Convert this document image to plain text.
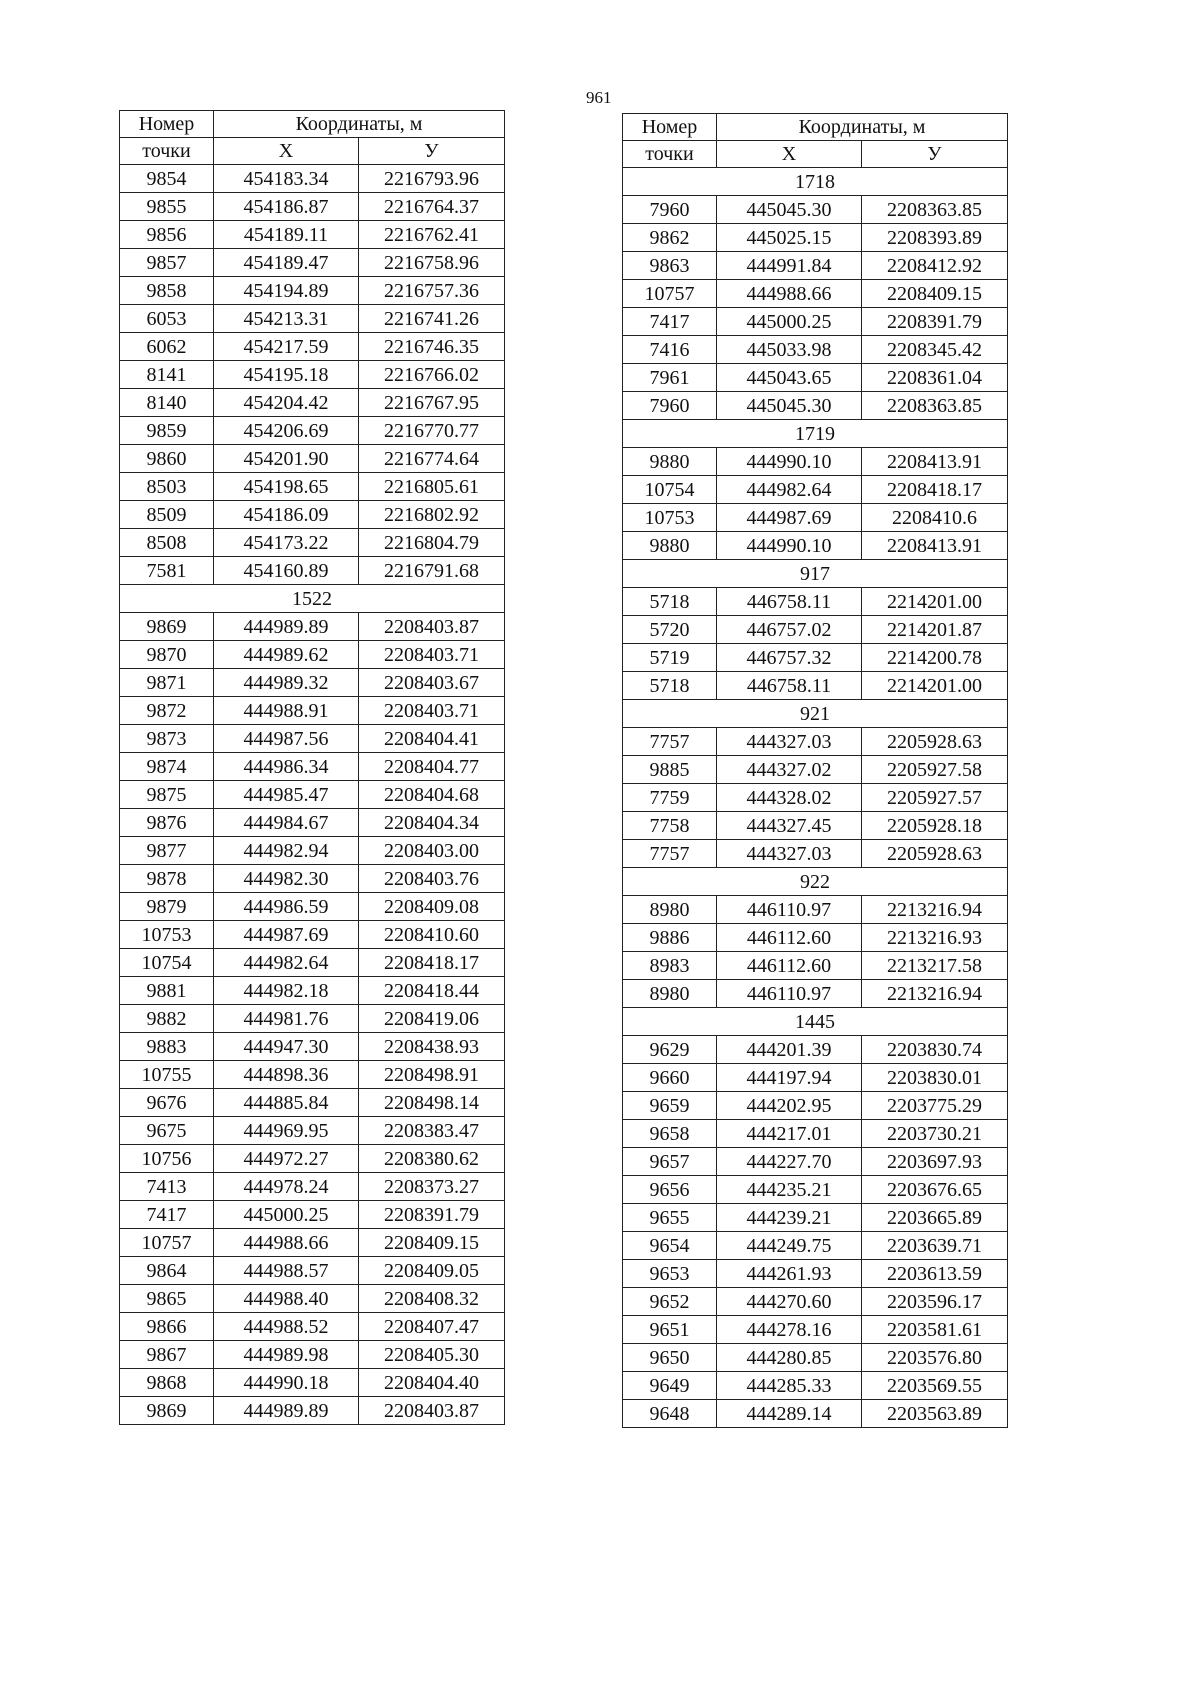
961
Номер	Координаты, м	
точки	Х	У
9854	454183.34	2216793.96
9855	454186.87	2216764.37
9856	454189.11	2216762.41
9857	454189.47	2216758.96
9858	454194.89	2216757.36
6053	454213.31	2216741.26
6062	454217.59	2216746.35
8141	454195.18	2216766.02
8140	454204.42	2216767.95
9859	454206.69	2216770.77
9860	454201.90	2216774.64
8503	454198.65	2216805.61
8509	454186.09	2216802.92
8508	454173.22	2216804.79
7581	454160.89	2216791.68
1522		
9869	444989.89	2208403.87
9870	444989.62	2208403.71
9871	444989.32	2208403.67
9872	444988.91	2208403.71
9873	444987.56	2208404.41
9874	444986.34	2208404.77
9875	444985.47	2208404.68
9876	444984.67	2208404.34
9877	444982.94	2208403.00
9878	444982.30	2208403.76
9879	444986.59	2208409.08
10753	444987.69	2208410.60
10754	444982.64	2208418.17
9881	444982.18	2208418.44
9882	444981.76	2208419.06
9883	444947.30	2208438.93
10755	444898.36	2208498.91
9676	444885.84	2208498.14
9675	444969.95	2208383.47
10756	444972.27	2208380.62
7413	444978.24	2208373.27
7417	445000.25	2208391.79
10757	444988.66	2208409.15
9864	444988.57	2208409.05
9865	444988.40	2208408.32
9866	444988.52	2208407.47
9867	444989.98	2208405.30
9868	444990.18	2208404.40
9869	444989.89	2208403.87
Номер	Координаты, м	
точки	Х	У
1718		
7960	445045.30	2208363.85
9862	445025.15	2208393.89
9863	444991.84	2208412.92
10757	444988.66	2208409.15
7417	445000.25	2208391.79
7416	445033.98	2208345.42
7961	445043.65	2208361.04
7960	445045.30	2208363.85
1719		
9880	444990.10	2208413.91
10754	444982.64	2208418.17
10753	444987.69	2208410.6
9880	444990.10	2208413.91
917		
5718	446758.11	2214201.00
5720	446757.02	2214201.87
5719	446757.32	2214200.78
5718	446758.11	2214201.00
921		
7757	444327.03	2205928.63
9885	444327.02	2205927.58
7759	444328.02	2205927.57
7758	444327.45	2205928.18
7757	444327.03	2205928.63
922		
8980	446110.97	2213216.94
9886	446112.60	2213216.93
8983	446112.60	2213217.58
8980	446110.97	2213216.94
1445		
9629	444201.39	2203830.74
9660	444197.94	2203830.01
9659	444202.95	2203775.29
9658	444217.01	2203730.21
9657	444227.70	2203697.93
9656	444235.21	2203676.65
9655	444239.21	2203665.89
9654	444249.75	2203639.71
9653	444261.93	2203613.59
9652	444270.60	2203596.17
9651	444278.16	2203581.61
9650	444280.85	2203576.80
9649	444285.33	2203569.55
9648	444289.14	2203563.89
